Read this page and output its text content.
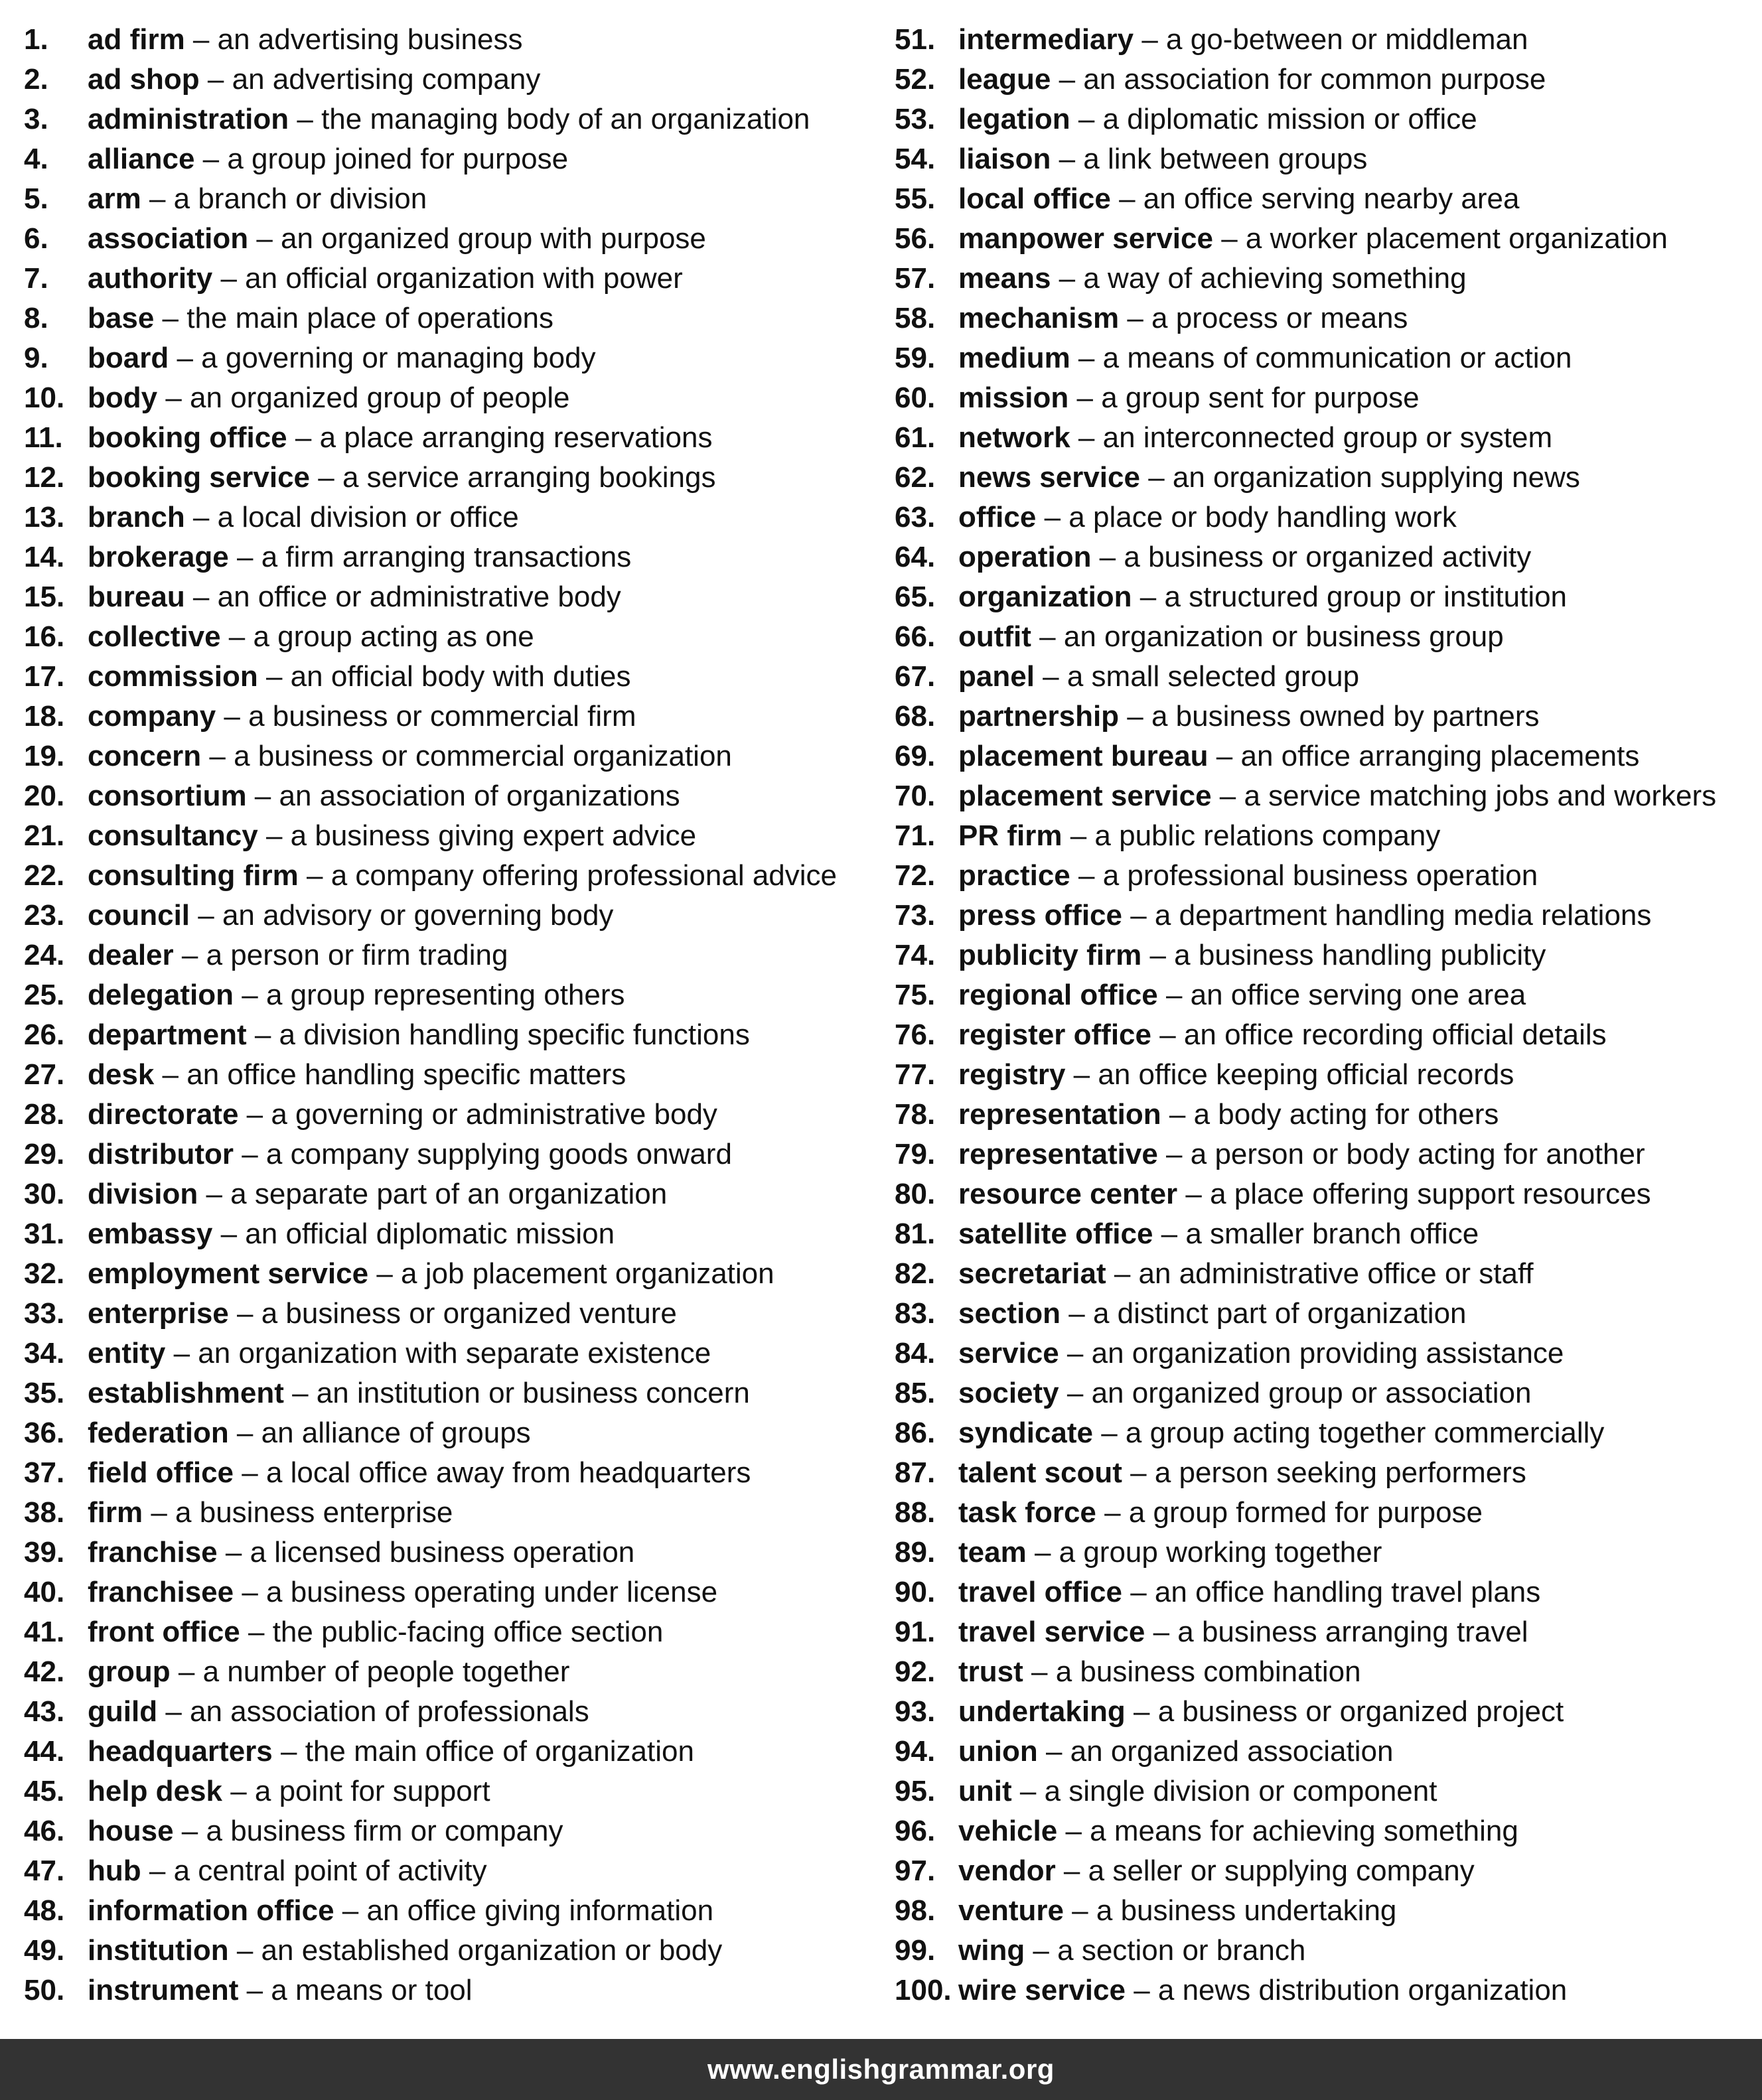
1. ad firm – an advertising business
2. ad shop – an advertising company
3. administration – the managing body of an organization
4. alliance – a group joined for purpose
5. arm – a branch or division
6. association – an organized group with purpose
7. authority – an official organization with power
8. base – the main place of operations
9. board – a governing or managing body
10. body – an organized group of people
11. booking office – a place arranging reservations
12. booking service – a service arranging bookings
13. branch – a local division or office
14. brokerage – a firm arranging transactions
15. bureau – an office or administrative body
16. collective – a group acting as one
17. commission – an official body with duties
18. company – a business or commercial firm
19. concern – a business or commercial organization
20. consortium – an association of organizations
21. consultancy – a business giving expert advice
22. consulting firm – a company offering professional advice
23. council – an advisory or governing body
24. dealer – a person or firm trading
25. delegation – a group representing others
26. department – a division handling specific functions
27. desk – an office handling specific matters
28. directorate – a governing or administrative body
29. distributor – a company supplying goods onward
30. division – a separate part of an organization
31. embassy – an official diplomatic mission
32. employment service – a job placement organization
33. enterprise – a business or organized venture
34. entity – an organization with separate existence
35. establishment – an institution or business concern
36. federation – an alliance of groups
37. field office – a local office away from headquarters
38. firm – a business enterprise
39. franchise – a licensed business operation
40. franchisee – a business operating under license
41. front office – the public-facing office section
42. group – a number of people together
43. guild – an association of professionals
44. headquarters – the main office of organization
45. help desk – a point for support
46. house – a business firm or company
47. hub – a central point of activity
48. information office – an office giving information
49. institution – an established organization or body
50. instrument – a means or tool
51. intermediary – a go-between or middleman
52. league – an association for common purpose
53. legation – a diplomatic mission or office
54. liaison – a link between groups
55. local office – an office serving nearby area
56. manpower service – a worker placement organization
57. means – a way of achieving something
58. mechanism – a process or means
59. medium – a means of communication or action
60. mission – a group sent for purpose
61. network – an interconnected group or system
62. news service – an organization supplying news
63. office – a place or body handling work
64. operation – a business or organized activity
65. organization – a structured group or institution
66. outfit – an organization or business group
67. panel – a small selected group
68. partnership – a business owned by partners
69. placement bureau – an office arranging placements
70. placement service – a service matching jobs and workers
71. PR firm – a public relations company
72. practice – a professional business operation
73. press office – a department handling media relations
74. publicity firm – a business handling publicity
75. regional office – an office serving one area
76. register office – an office recording official details
77. registry – an office keeping official records
78. representation – a body acting for others
79. representative – a person or body acting for another
80. resource center – a place offering support resources
81. satellite office – a smaller branch office
82. secretariat – an administrative office or staff
83. section – a distinct part of organization
84. service – an organization providing assistance
85. society – an organized group or association
86. syndicate – a group acting together commercially
87. talent scout – a person seeking performers
88. task force – a group formed for purpose
89. team – a group working together
90. travel office – an office handling travel plans
91. travel service – a business arranging travel
92. trust – a business combination
93. undertaking – a business or organized project
94. union – an organized association
95. unit – a single division or component
96. vehicle – a means for achieving something
97. vendor – a seller or supplying company
98. venture – a business undertaking
99. wing – a section or branch
100. wire service – a news distribution organization
www.englishgrammar.org
